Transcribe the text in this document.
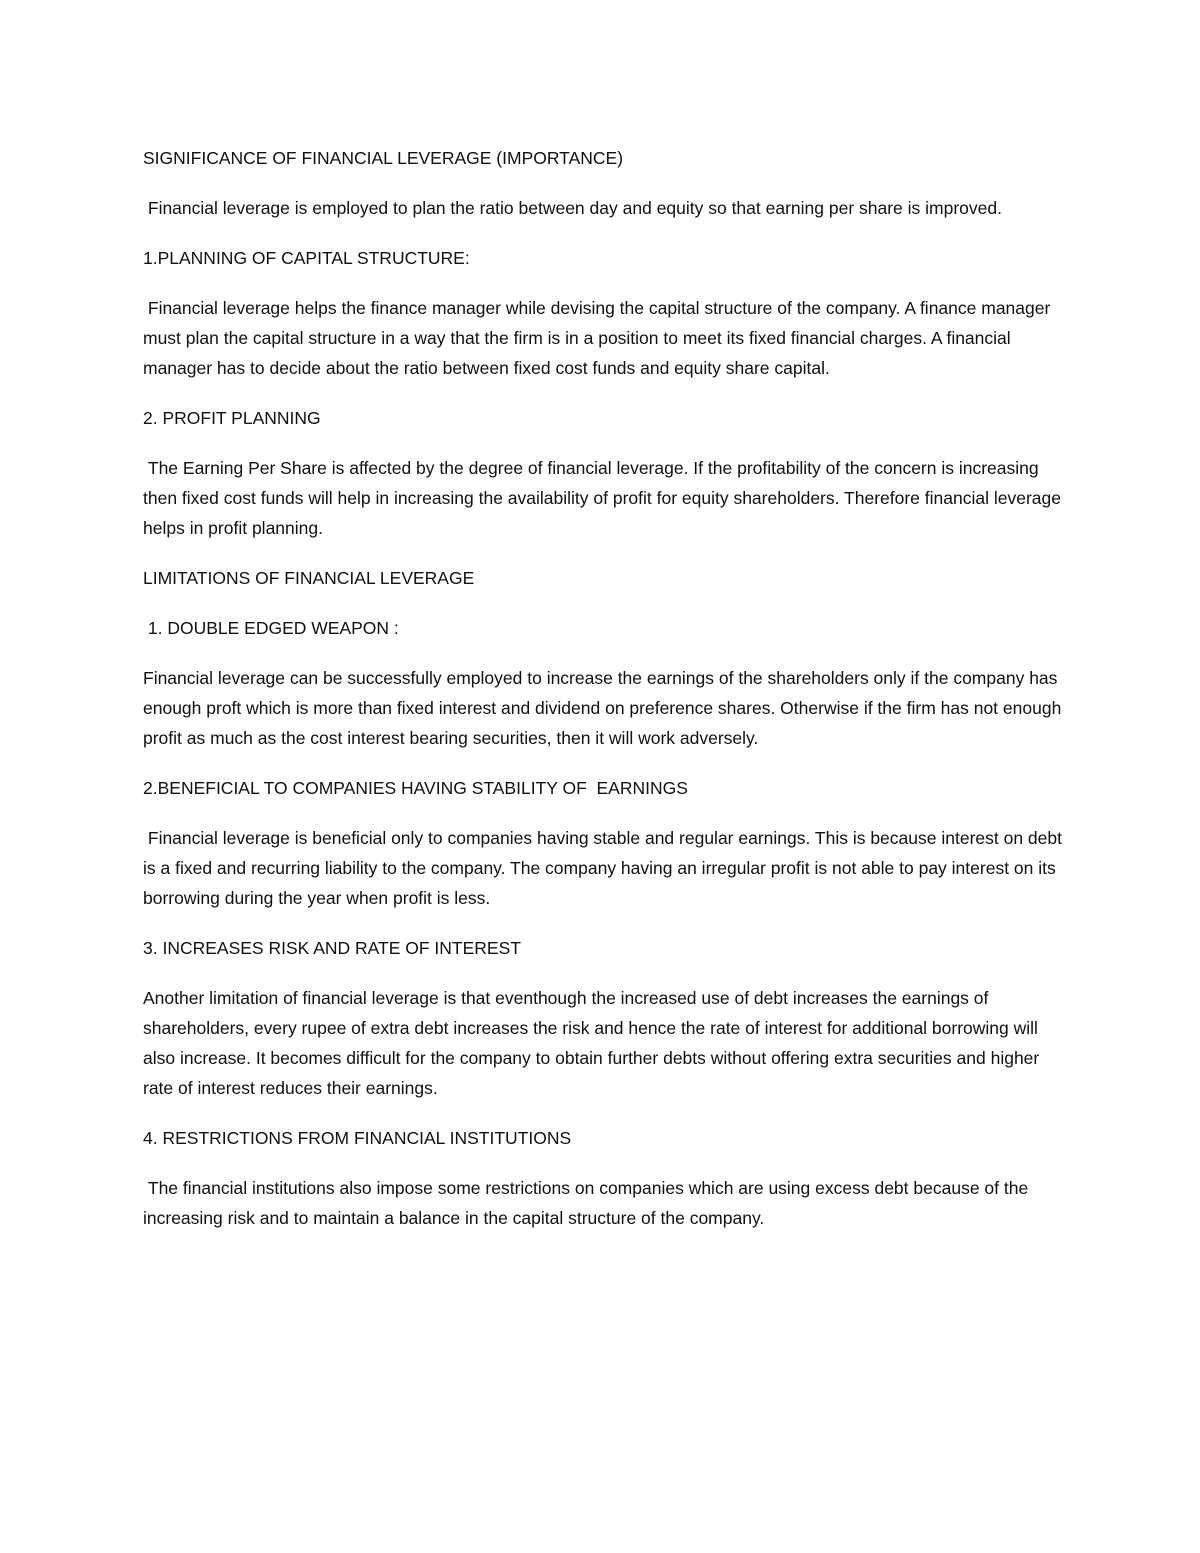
SIGNIFICANCE OF FINANCIAL LEVERAGE (IMPORTANCE)

Financial leverage is employed to plan the ratio between day and equity so that earning per share is improved.

1.PLANNING OF CAPITAL STRUCTURE:

Financial leverage helps the finance manager while devising the capital structure of the company. A finance manager must plan the capital structure in a way that the firm is in a position to meet its fixed financial charges. A financial manager has to decide about the ratio between fixed cost funds and equity share capital.

2. PROFIT PLANNING

The Earning Per Share is affected by the degree of financial leverage. If the profitability of the concern is increasing then fixed cost funds will help in increasing the availability of profit for equity shareholders. Therefore financial leverage helps in profit planning.

LIMITATIONS OF FINANCIAL LEVERAGE

1. DOUBLE EDGED WEAPON :

Financial leverage can be successfully employed to increase the earnings of the shareholders only if the company has enough proft which is more than fixed interest and dividend on preference shares. Otherwise if the firm has not enough profit as much as the cost interest bearing securities, then it will work adversely.

2.BENEFICIAL TO COMPANIES HAVING STABILITY OF  EARNINGS

Financial leverage is beneficial only to companies having stable and regular earnings. This is because interest on debt is a fixed and recurring liability to the company. The company having an irregular profit is not able to pay interest on its borrowing during the year when profit is less.

3. INCREASES RISK AND RATE OF INTEREST

Another limitation of financial leverage is that eventhough the increased use of debt increases the earnings of shareholders, every rupee of extra debt increases the risk and hence the rate of interest for additional borrowing will also increase. It becomes difficult for the company to obtain further debts without offering extra securities and higher rate of interest reduces their earnings.

4. RESTRICTIONS FROM FINANCIAL INSTITUTIONS

The financial institutions also impose some restrictions on companies which are using excess debt because of the increasing risk and to maintain a balance in the capital structure of the company.
